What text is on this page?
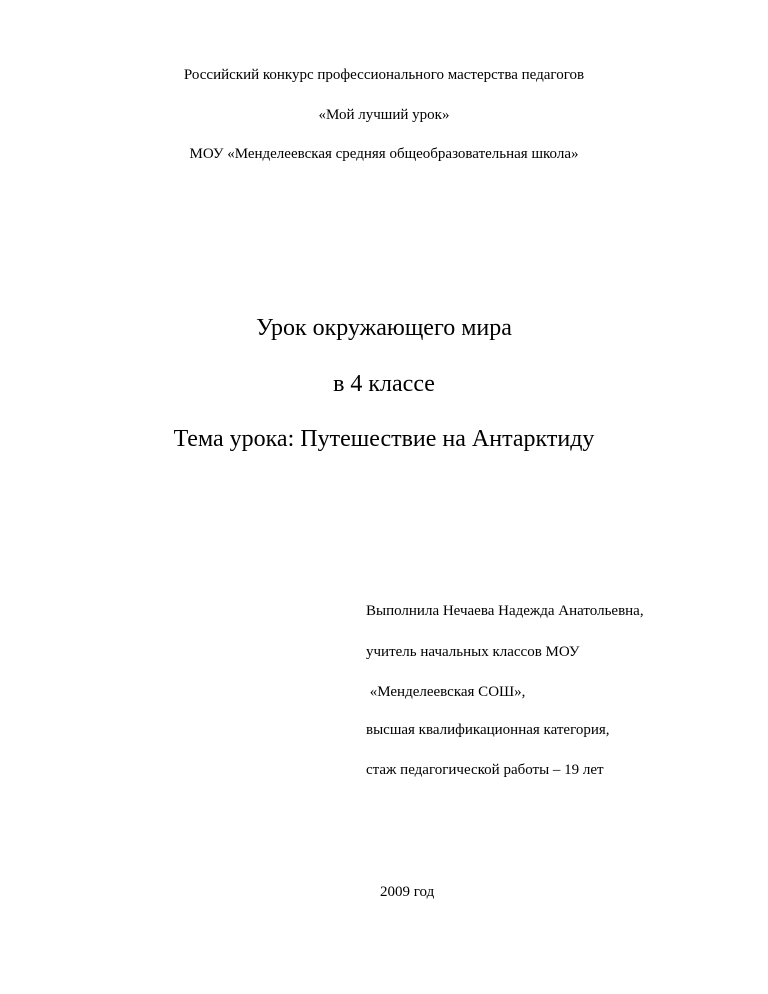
Российский конкурс профессионального мастерства педагогов
«Мой лучший урок»
МОУ «Менделеевская средняя общеобразовательная школа»
Урок окружающего мира
в 4 классе
Тема урока: Путешествие на Антарктиду
Выполнила Нечаева Надежда Анатольевна,
учитель начальных классов МОУ
«Менделеевская СОШ»,
высшая квалификационная категория,
стаж педагогической работы – 19 лет
2009 год
